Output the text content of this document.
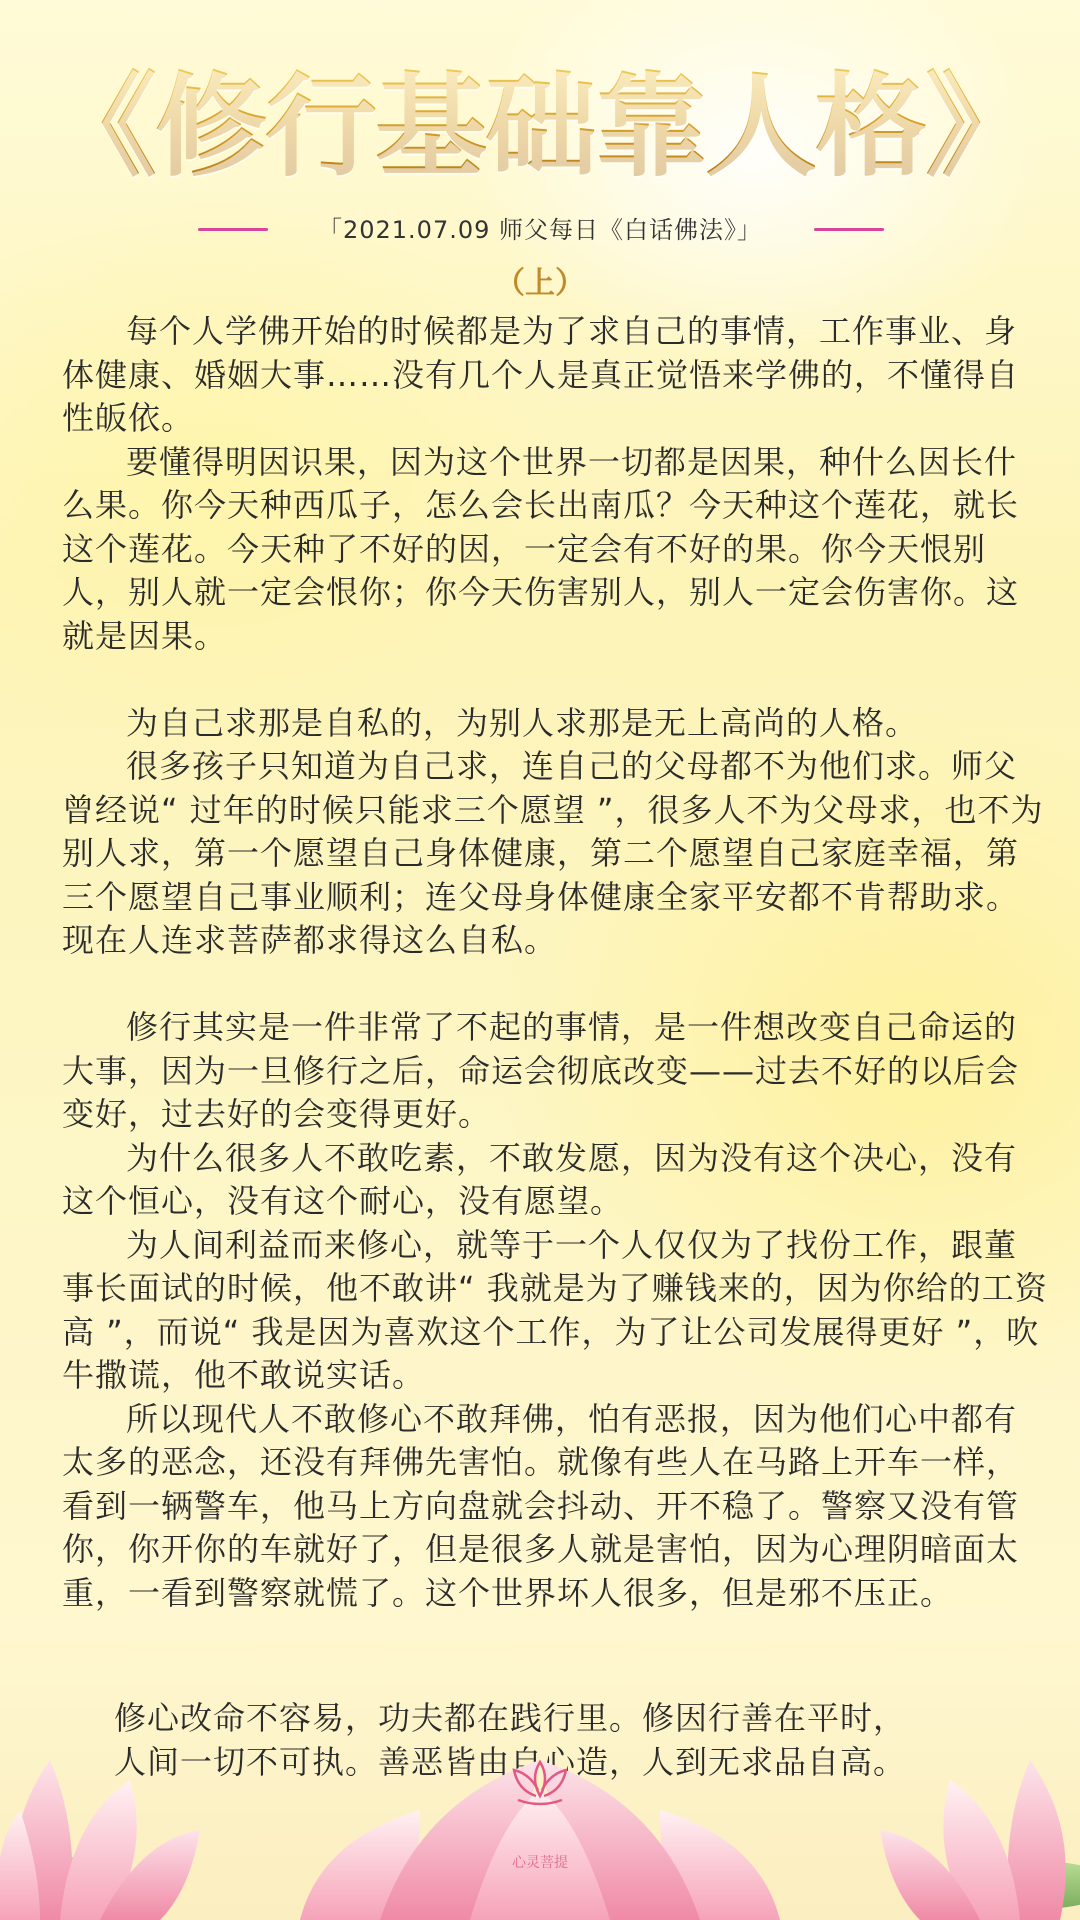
《修行基础靠人格》
「2021.07.09 师父每日《白话佛法》」
（上）

每个人学佛开始的时候都是为了求自己的事情，工作事业、身体健康、婚姻大事……没有几个人是真正觉悟来学佛的，不懂得自性皈依。

要懂得明因识果，因为这个世界一切都是因果，种什么因长什么果。你今天种西瓜子，怎么会长出南瓜？今天种这个莲花，就长这个莲花。今天种了不好的因，一定会有不好的果。你今天恨别人，别人就一定会恨你；你今天伤害别人，别人一定会伤害你。这就是因果。

为自己求那是自私的，为别人求那是无上高尚的人格。

很多孩子只知道为自己求，连自己的父母都不为他们求。师父曾经说“ 过年的时候只能求三个愿望 ”，很多人不为父母求，也不为别人求，第一个愿望自己身体健康，第二个愿望自己家庭幸福，第三个愿望自己事业顺利；连父母身体健康全家平安都不肯帮助求。现在人连求菩萨都求得这么自私。

修行其实是一件非常了不起的事情，是一件想改变自己命运的大事，因为一旦修行之后，命运会彻底改变——过去不好的以后会变好，过去好的会变得更好。

为什么很多人不敢吃素，不敢发愿，因为没有这个决心，没有这个恒心，没有这个耐心，没有愿望。

为人间利益而来修心，就等于一个人仅仅为了找份工作，跟董事长面试的时候，他不敢讲“ 我就是为了赚钱来的，因为你给的工资高 ”，而说“ 我是因为喜欢这个工作，为了让公司发展得更好 ”，吹牛撒谎，他不敢说实话。

所以现代人不敢修心不敢拜佛，怕有恶报，因为他们心中都有太多的恶念，还没有拜佛先害怕。就像有些人在马路上开车一样，看到一辆警车，他马上方向盘就会抖动、开不稳了。警察又没有管你，你开你的车就好了，但是很多人就是害怕，因为心理阴暗面太重，一看到警察就慌了。这个世界坏人很多，但是邪不压正。

修心改命不容易，功夫都在践行里。修因行善在平时，

人间一切不可执。善恶皆由自心造，人到无求品自高。

心灵菩提
